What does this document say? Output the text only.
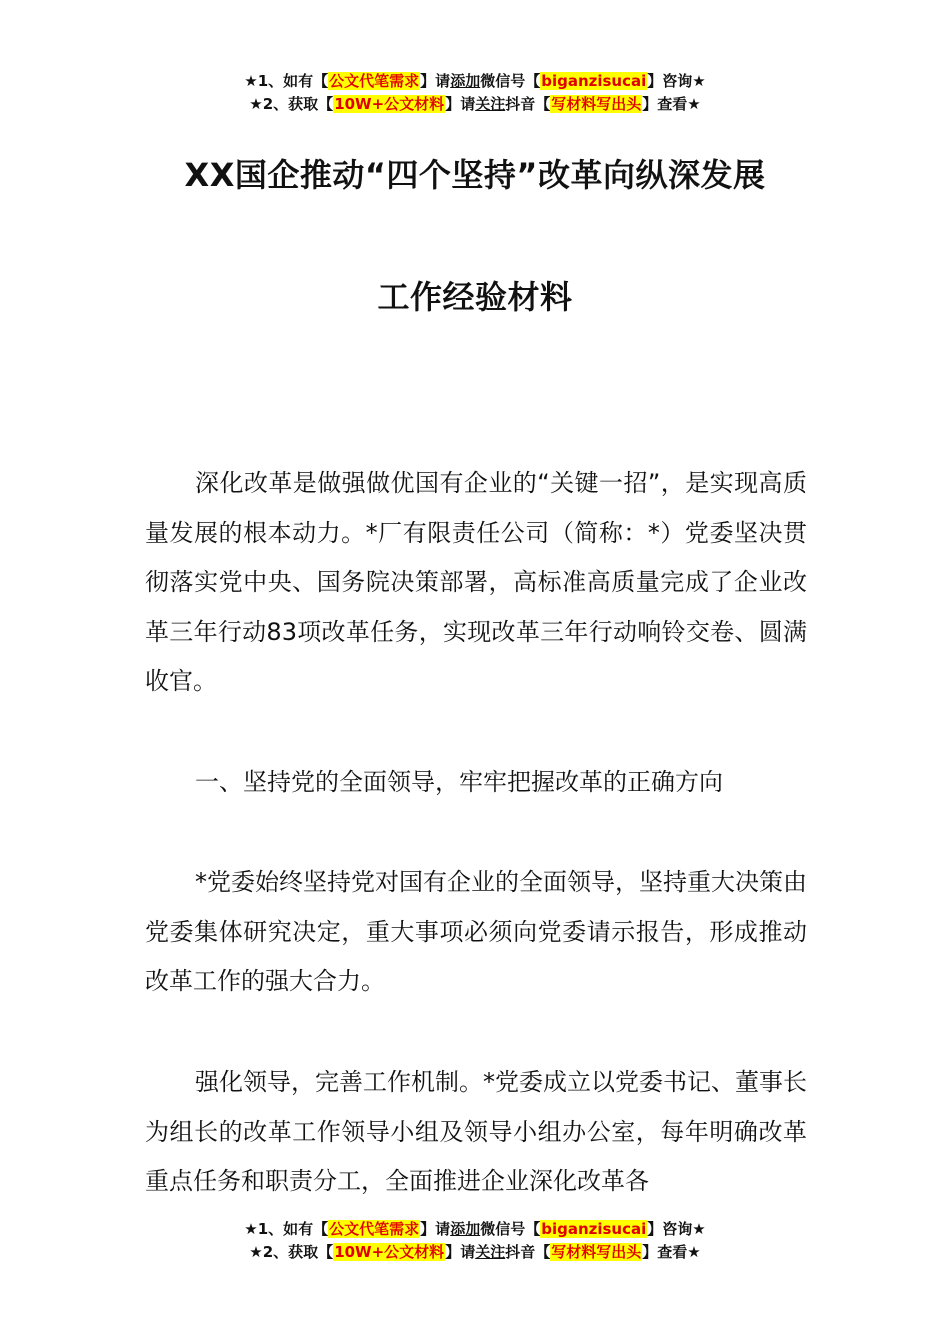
★1、如有【公文代笔需求】请添加微信号【biganzisucai】咨询★
★2、获取【10W+公文材料】请关注抖音【写材料写出头】查看★
XX国企推动“四个坚持”改革向纵深发展
工作经验材料

深化改革是做强做优国有企业的“关键一招”，是实现高质量发展的根本动力。*厂有限责任公司（简称：*）党委坚决贯彻落实党中央、国务院决策部署，高标准高质量完成了企业改革三年行动83项改革任务，实现改革三年行动响铃交卷、圆满收官。

一、坚持党的全面领导，牢牢把握改革的正确方向

*党委始终坚持党对国有企业的全面领导，坚持重大决策由党委集体研究决定，重大事项必须向党委请示报告，形成推动改革工作的强大合力。

强化领导，完善工作机制。*党委成立以党委书记、董事长为组长的改革工作领导小组及领导小组办公室，每年明确改革重点任务和职责分工，全面推进企业深化改革各

★1、如有【公文代笔需求】请添加微信号【biganzisucai】咨询★
★2、获取【10W+公文材料】请关注抖音【写材料写出头】查看★
